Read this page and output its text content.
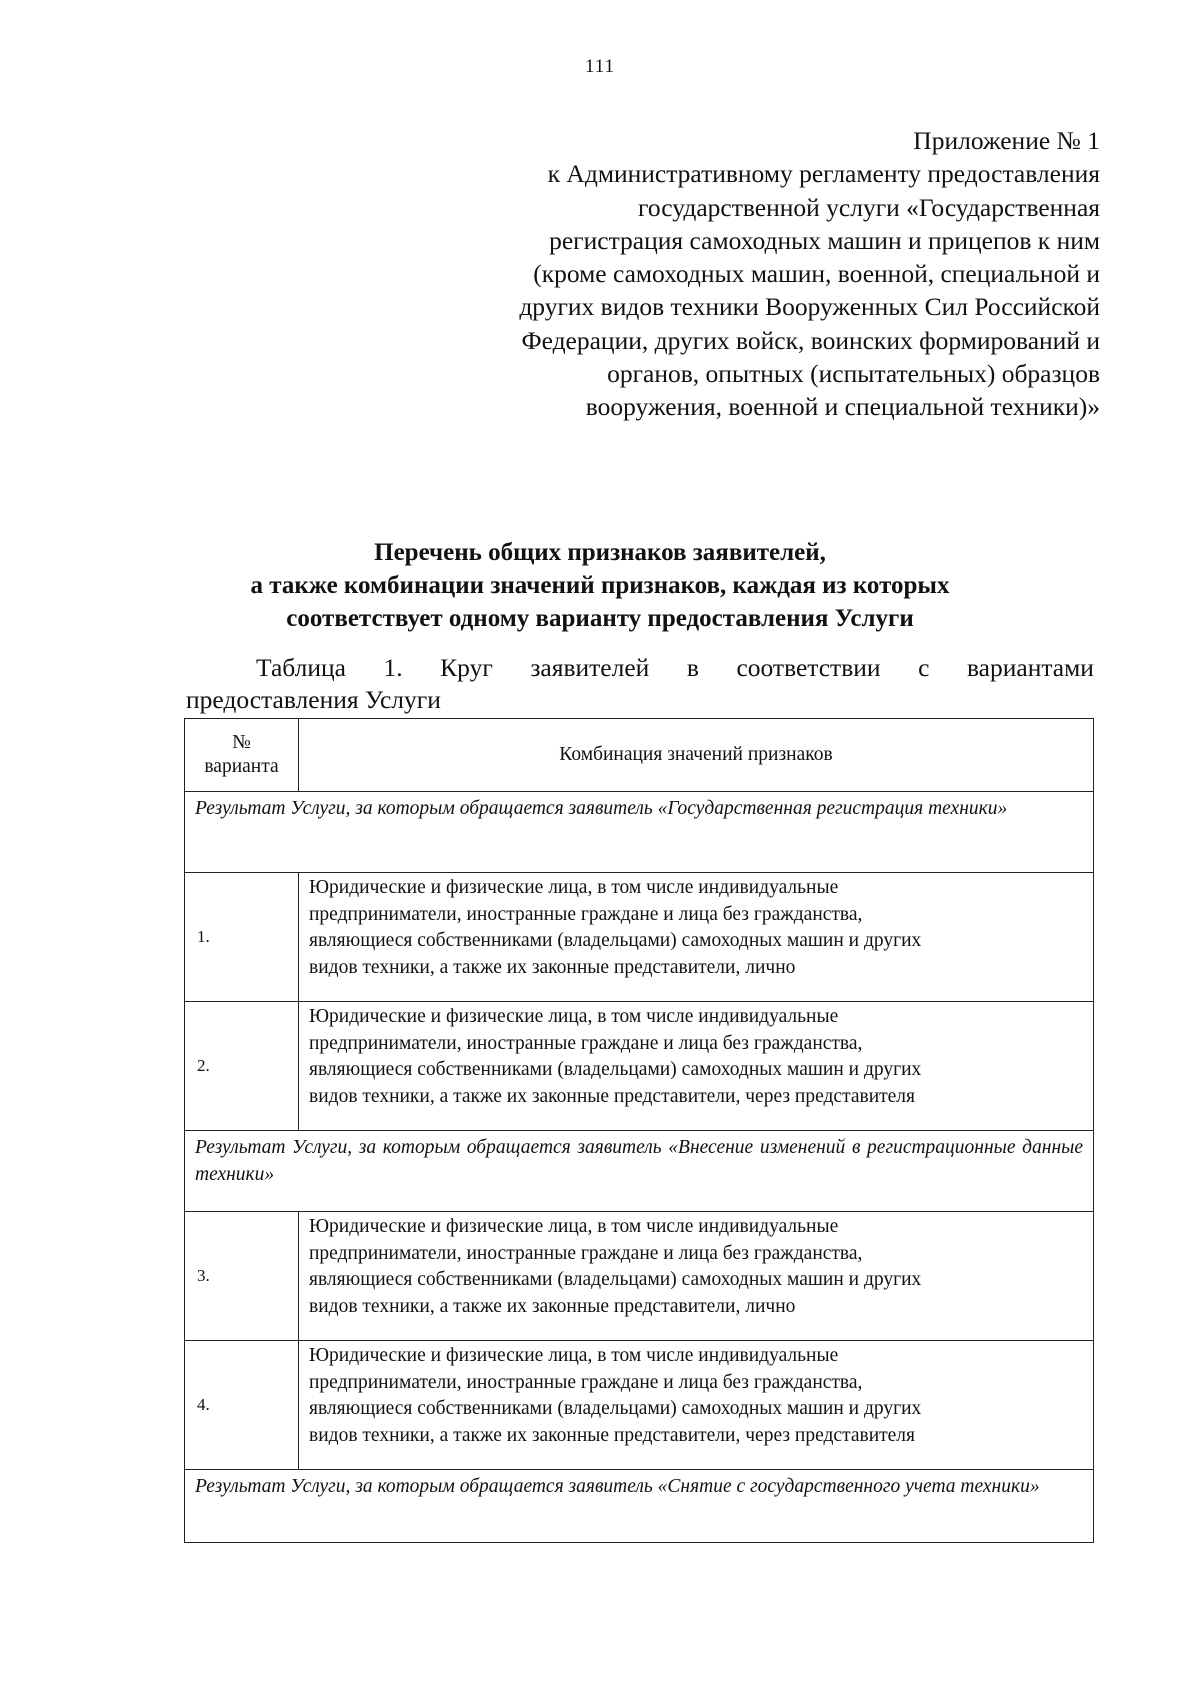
111
Приложение № 1
к Административному регламенту предоставления
государственной услуги «Государственная
регистрация самоходных машин и прицепов к ним
(кроме самоходных машин, военной, специальной и
других видов техники Вооруженных Сил Российской
Федерации, других войск, воинских формирований и
органов, опытных (испытательных) образцов
вооружения, военной и специальной техники)»
Перечень общих признаков заявителей,
а также комбинации значений признаков, каждая из которых
соответствует одному варианту предоставления Услуги
Таблица 1. Круг заявителей в соответствии с вариантами
предоставления Услуги
№
варианта	Комбинация значений признаков
Результат Услуги, за которым обращается заявитель «Государственная регистрация техники»	
1.	Юридические и физические лица, в том числе индивидуальные
предприниматели, иностранные граждане и лица без гражданства,
являющиеся собственниками (владельцами) самоходных машин и других
видов техники, а также их законные представители, лично

2.	Юридические и физические лица, в том числе индивидуальные
предприниматели, иностранные граждане и лица без гражданства,
являющиеся собственниками (владельцами) самоходных машин и других
видов техники, а также их законные представители, через представителя

Результат Услуги, за которым обращается заявитель «Внесение изменений в регистрационные данные техники»	
3.	Юридические и физические лица, в том числе индивидуальные
предприниматели, иностранные граждане и лица без гражданства,
являющиеся собственниками (владельцами) самоходных машин и других
видов техники, а также их законные представители, лично

4.	Юридические и физические лица, в том числе индивидуальные
предприниматели, иностранные граждане и лица без гражданства,
являющиеся собственниками (владельцами) самоходных машин и других
видов техники, а также их законные представители, через представителя

Результат Услуги, за которым обращается заявитель «Снятие с государственного учета техники»	
